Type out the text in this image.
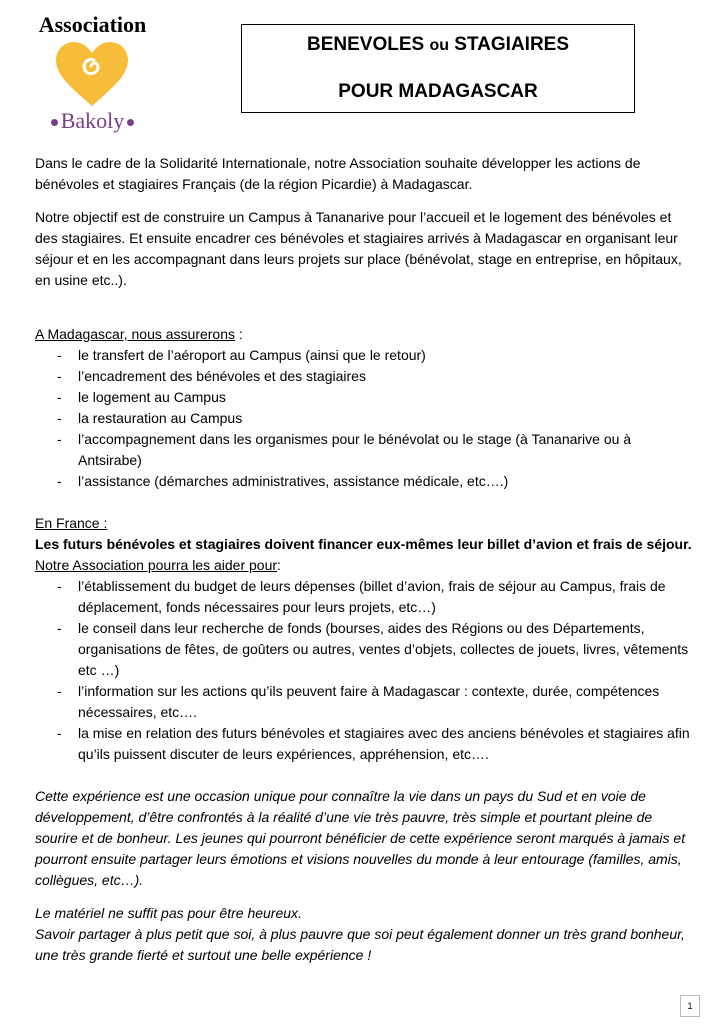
Association
Bakoly
BENEVOLES ou STAGIAIRES
POUR MADAGASCAR

Dans le cadre de la Solidarité Internationale, notre Association souhaite développer les actions de bénévoles et stagiaires Français (de la région Picardie) à Madagascar.

Notre objectif est de construire un Campus à Tananarive pour l’accueil et le logement des bénévoles et des stagiaires. Et ensuite encadrer ces bénévoles et stagiaires arrivés à Madagascar en organisant leur séjour et en les accompagnant dans leurs projets sur place (bénévolat, stage en entreprise, en hôpitaux, en usine etc..).

A Madagascar, nous assurerons :
- le transfert de l’aéroport au Campus (ainsi que le retour)
- l’encadrement des bénévoles et des stagiaires
- le logement au Campus
- la restauration au Campus
- l’accompagnement dans les organismes pour le bénévolat ou le stage (à Tananarive ou à Antsirabe)
- l’assistance (démarches administratives, assistance médicale, etc….)
En France :
Les futurs bénévoles et stagiaires doivent financer eux-mêmes leur billet d’avion et frais de séjour.
Notre Association pourra les aider pour:
- l’établissement du budget de leurs dépenses (billet d’avion, frais de séjour au Campus, frais de déplacement, fonds nécessaires pour leurs projets, etc…)
- le conseil dans leur recherche de fonds (bourses, aides des Régions ou des Départements, organisations de fêtes, de goûters ou autres, ventes d’objets, collectes de jouets, livres, vêtements etc …)
- l’information sur les actions qu’ils peuvent faire à Madagascar : contexte, durée, compétences nécessaires, etc….
- la mise en relation des futurs bénévoles et stagiaires avec des anciens bénévoles et stagiaires afin qu’ils puissent discuter de leurs expériences, appréhension, etc….

Cette expérience est une occasion unique pour connaître la vie dans un pays du Sud et en voie de développement, d’être confrontés à la réalité d’une vie très pauvre, très simple et pourtant pleine de sourire et de bonheur. Les jeunes qui pourront bénéficier de cette expérience seront marqués à jamais et pourront ensuite partager leurs émotions et visions nouvelles du monde à leur entourage (familles, amis, collègues, etc…).

Le matériel ne suffit pas pour être heureux.
Savoir partager à plus petit que soi, à plus pauvre que soi peut également donner un très grand bonheur, une très grande fierté et surtout une belle expérience !
1
